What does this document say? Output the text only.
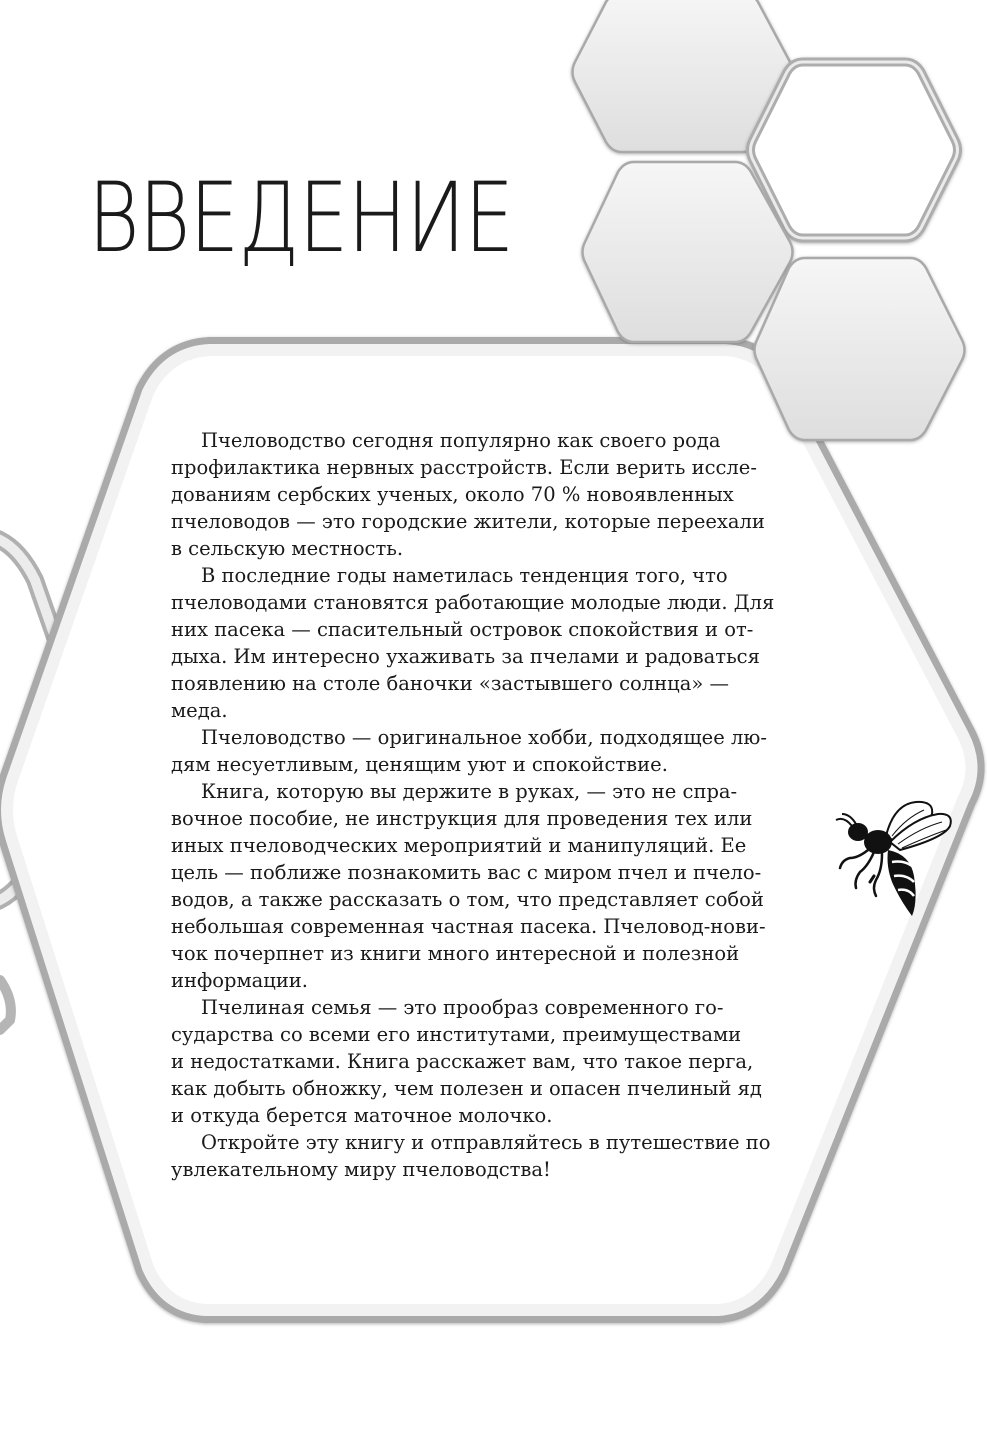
ВВЕДЕНИЕ

Пчеловодство сегодня популярно как своего рода
профилактика нервных расстройств. Если верить иссле-
дованиям сербских ученых, около 70 % новоявленных
пчеловодов — это городские жители, которые переехали
в сельскую местность.

В последние годы наметилась тенденция того, что
пчеловодами становятся работающие молодые люди. Для
них пасека — спасительный островок спокойствия и от-
дыха. Им интересно ухаживать за пчелами и радоваться
появлению на столе баночки «застывшего солнца» —
меда.

Пчеловодство — оригинальное хобби, подходящее лю-
дям несуетливым, ценящим уют и спокойствие.

Книга, которую вы держите в руках, — это не спра-
вочное пособие, не инструкция для проведения тех или
иных пчеловодческих мероприятий и манипуляций. Ее
цель — поближе познакомить вас с миром пчел и пчело-
водов, а также рассказать о том, что представляет собой
небольшая современная частная пасека. Пчеловод-нови-
чок почерпнет из книги много интересной и полезной
информации.

Пчелиная семья — это прообраз современного го-
сударства со всеми его институтами, преимуществами
и недостатками. Книга расскажет вам, что такое перга,
как добыть обножку, чем полезен и опасен пчелиный яд
и откуда берется маточное молочко.

Откройте эту книгу и отправляйтесь в путешествие по
увлекательному миру пчеловодства!
